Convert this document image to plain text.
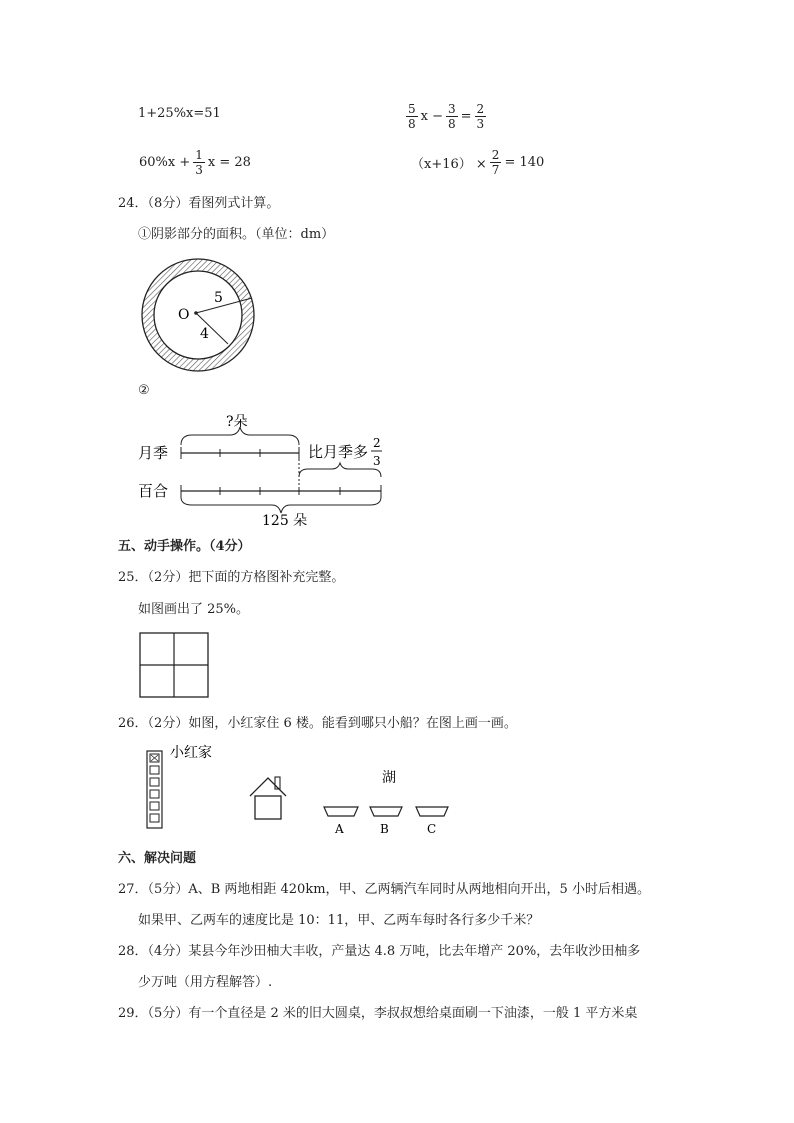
1+25%x=51	$\frac{5}{8}$ $x - \frac{3}{8} = \frac{2}{3}$
$60\%x + \frac{1}{3}$ x = 28	$(x+16) \times \frac{2}{7} = 140$
24．（8分）看图列式计算。
①阴影部分的面积。（单位：dm）
O
5
4
②
月季
百合
?朵
比月季多 2
3
125 朵
五、动手操作。（4分）
25．（2分）把下面的方格图补充完整。
如图画出了 25%。
26．（2分）如图，小红家住 6 楼。能看到哪只小船？在图上画一画。
小红家
湖
A	B	C
六、解决问题
27．（5分）A、B 两地相距 420km，甲、乙两辆汽车同时从两地相向开出，5 小时后相遇。
如果甲、乙两车的速度比是 10：11，甲、乙两车每时各行多少千米？
28．（4分）某县今年沙田柚大丰收，产量达 4.8 万吨，比去年增产 20%，去年收沙田柚多
少万吨（用方程解答）.
29．（5分）有一个直径是 2 米的旧大圆桌，李叔叔想给桌面刷一下油漆，一般 1 平方米桌
